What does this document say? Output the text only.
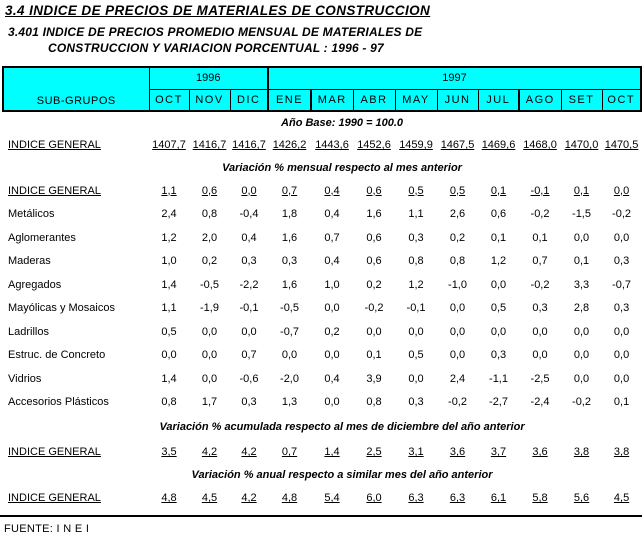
3.4 INDICE DE PRECIOS DE MATERIALES DE CONSTRUCCION
3.401 INDICE DE PRECIOS PROMEDIO MENSUAL DE MATERIALES DE
CONSTRUCCION Y VARIACION PORCENTUAL : 1996 - 97
SUB-GRUPOS	1996			1997								
	OCT	NOV	DIC	ENE	MAR	ABR	MAY	JUN	JUL	AGO	SET	OCT
Año Base: 1990 = 100.0												
INDICE GENERAL	1407,7	1416,7	1416,7	1426,2	1443,6	1452,6	1459,9	1467,5	1469,6	1468,0	1470,0	1470,5
Variación % mensual respecto al mes anterior												
INDICE GENERAL	1,1	0,6	0,0	0,7	0,4	0,6	0,5	0,5	0,1	-0,1	0,1	0,0
Metálicos	2,4	0,8	-0,4	1,8	0,4	1,6	1,1	2,6	0,6	-0,2	-1,5	-0,2
Aglomerantes	1,2	2,0	0,4	1,6	0,7	0,6	0,3	0,2	0,1	0,1	0,0	0,0
Maderas	1,0	0,2	0,3	0,3	0,4	0,6	0,8	0,8	1,2	0,7	0,1	0,3
Agregados	1,4	-0,5	-2,2	1,6	1,0	0,2	1,2	-1,0	0,0	-0,2	3,3	-0,7
Mayólicas y Mosaicos	1,1	-1,9	-0,1	-0,5	0,0	-0,2	-0,1	0,0	0,5	0,3	2,8	0,3
Ladrillos	0,5	0,0	0,0	-0,7	0,2	0,0	0,0	0,0	0,0	0,0	0,0	0,0
Estruc. de Concreto	0,0	0,0	0,7	0,0	0,0	0,1	0,5	0,0	0,3	0,0	0,0	0,0
Vidrios	1,4	0,0	-0,6	-2,0	0,4	3,9	0,0	2,4	-1,1	-2,5	0,0	0,0
Accesorios Plásticos	0,8	1,7	0,3	1,3	0,0	0,8	0,3	-0,2	-2,7	-2,4	-0,2	0,1
Variación % acumulada respecto al mes de diciembre del año anterior												
INDICE GENERAL	3,5	4,2	4,2	0,7	1,4	2,5	3,1	3,6	3,7	3,6	3,8	3,8
Variación % anual respecto a similar mes del año anterior												
INDICE GENERAL	4,8	4,5	4,2	4,8	5,4	6,0	6,3	6,3	6,1	5,8	5,6	4,5
FUENTE: I N E I
